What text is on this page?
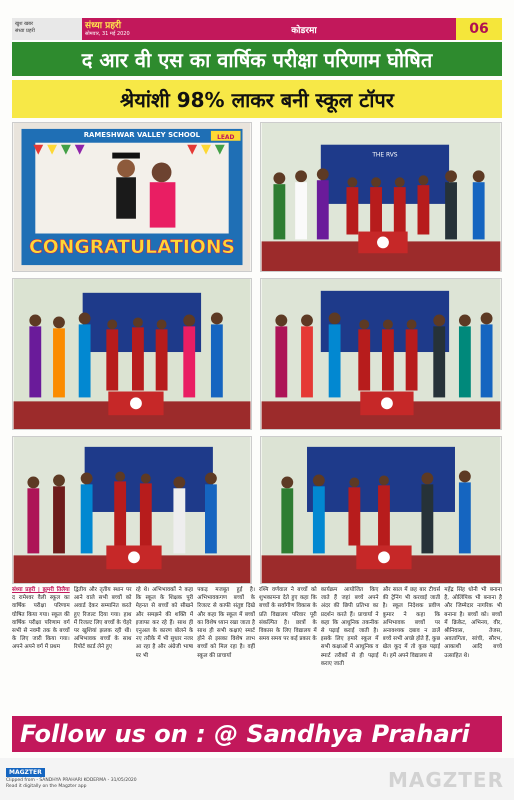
खुश खबर
संध्या प्रहरी	संध्या प्रहरी
सोमवार, 31 मई 2020	कोडरमा	06
द आर वी एस का वार्षिक परीक्षा परिणाम घोषित
श्रेयांशी 98% लाकर बनी स्कूल टॉपर
LEAD
RAMESHWAR VALLEY SCHOOL
CONGRATULATIONS
THE RVS
संध्या प्रहरी | झुमरी तिलैया द रामेश्वर वैली स्कूल का वार्षिक परीक्षा परिणाम घोषित किया गया। स्कूल की वार्षिक परीक्षा परिणाम वर्ग सभी से नवमी तक के बच्चों के लिए जारी किया गया। अपने अपने वर्ग में प्रथम
द्वितीय और तृतीय स्थान पर आने वाले सभी बच्चों को अवार्ड देकर सम्मानित करते हुए रिजल्ट दिया गया। हाथ में रिजल्ट लिए बच्चों के चेहरे पर खुशियां झलक रही थी। अभिभावक बच्चों के साथ रिपोर्ट कार्ड लेने हुए
रहे थे। अभिभावकों ने कहा कि स्कूल के शिक्षक पूरी मेहनत से बच्चों को सीखने और समझने की शक्ति में इजाफा कर रहे हैं। साथ ही एनुअल के कारण बोलने के नए तरीके में भी सुधार नजर आ रहा है और अंग्रेजी भाषा पर भी
पकड़ मजबूत हुई है। अभिभावकगण बच्चों के रिजल्ट से काफी संतुष्ट दिखे और कहा कि स्कूल में बच्चों का विशेष ध्यान रखा जाता है साथ ही सभी कक्षाएं स्मार्ट होने से इसका विशेष लाभ बच्चों को मिल रहा है। वहीं स्कूल की प्राचार्या
रश्मि वर्णवाल ने बच्चों को शुभकामना देते हुए कहा कि बच्चों के सर्वांगीण विकास के प्रति विद्यालय परिवार पूरी संकल्पित है। छात्रों के विकास के लिए विद्यालय में समय समय पर कई प्रकार के
कार्यक्रम आयोजित किए जाते हैं जहां बच्चे अपने अंदर की छिपी प्रतिभा का प्रदर्शन करते हैं। प्राचार्या ने कहा कि आधुनिक तकनीक से पढ़ाई कराई जाती है। इसके लिए हमारे स्कूल में सभी कक्षाओं में आधुनिक व स्मार्ट तरीकों से ही पढ़ाई कराए जाती
और साल में छह बार टीचर्स की ट्रेनिंग भी करवाई जाती है। स्कूल निदेशक प्रवीण कुमार ने कहा कि अभिभावक बच्चों पर अनावश्यक दबाव न डालें बच्चे सभी अच्छे होते हैं, कुछ खेल कूद में तो कुछ पढ़ाई में। हमें अपने विद्यालय से
महेंद्र सिंह धोनी भी बनाना है, ओलिंपिक भी बनाना है और जिम्मेदार नागरिक भी बनाना है। बच्चों को। बच्चों में क्रिकेट, अभिनय, वीर, श्रीनिवास, तेजस, अवतागिता, सांची, सौरभ, आकाशी आदि बच्चे उत्साहित थे।
Follow us on : @ Sandhya Prahari
MAGZTER
Clipped from - SANDHYA PRAHARI KODERMA - 31/05/2020
Read it digitally on the Magzter app	MAGZTER
